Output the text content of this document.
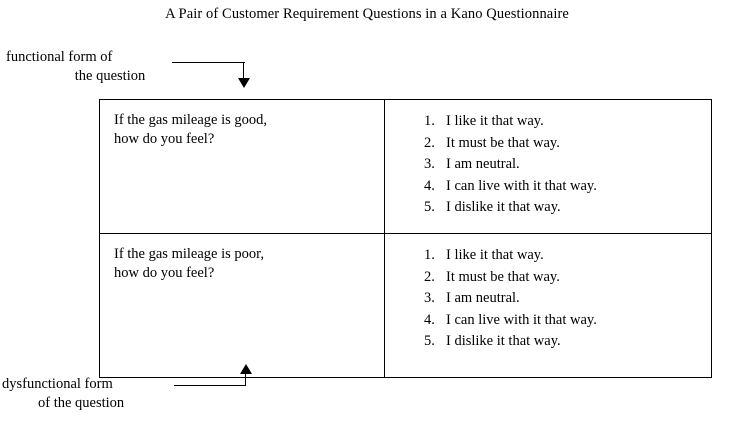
A Pair of Customer Requirement Questions in a Kano Questionnaire
functional form of
the question
dysfunctional form
of the question
If the gas mileage is good,
how do you feel?

1. I like it that way.
2. It must be that way.
3. I am neutral.
4. I can live with it that way.
5. I dislike it that way.

If the gas mileage is poor,
how do you feel?

1. I like it that way.
2. It must be that way.
3. I am neutral.
4. I can live with it that way.
5. I dislike it that way.
